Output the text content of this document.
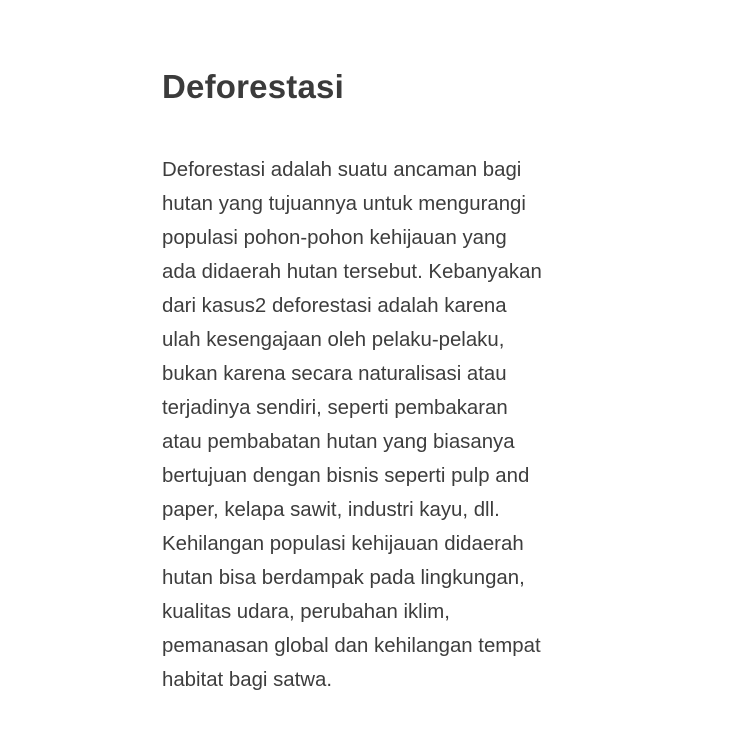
Deforestasi
Deforestasi adalah suatu ancaman bagi
hutan yang tujuannya untuk mengurangi
populasi pohon-pohon kehijauan yang
ada didaerah hutan tersebut. Kebanyakan
dari kasus2 deforestasi adalah karena
ulah kesengajaan oleh pelaku-pelaku,
bukan karena secara naturalisasi atau
terjadinya sendiri, seperti pembakaran
atau pembabatan hutan yang biasanya
bertujuan dengan bisnis seperti pulp and
paper, kelapa sawit, industri kayu, dll.
Kehilangan populasi kehijauan didaerah
hutan bisa berdampak pada lingkungan,
kualitas udara, perubahan iklim,
pemanasan global dan kehilangan tempat
habitat bagi satwa.
